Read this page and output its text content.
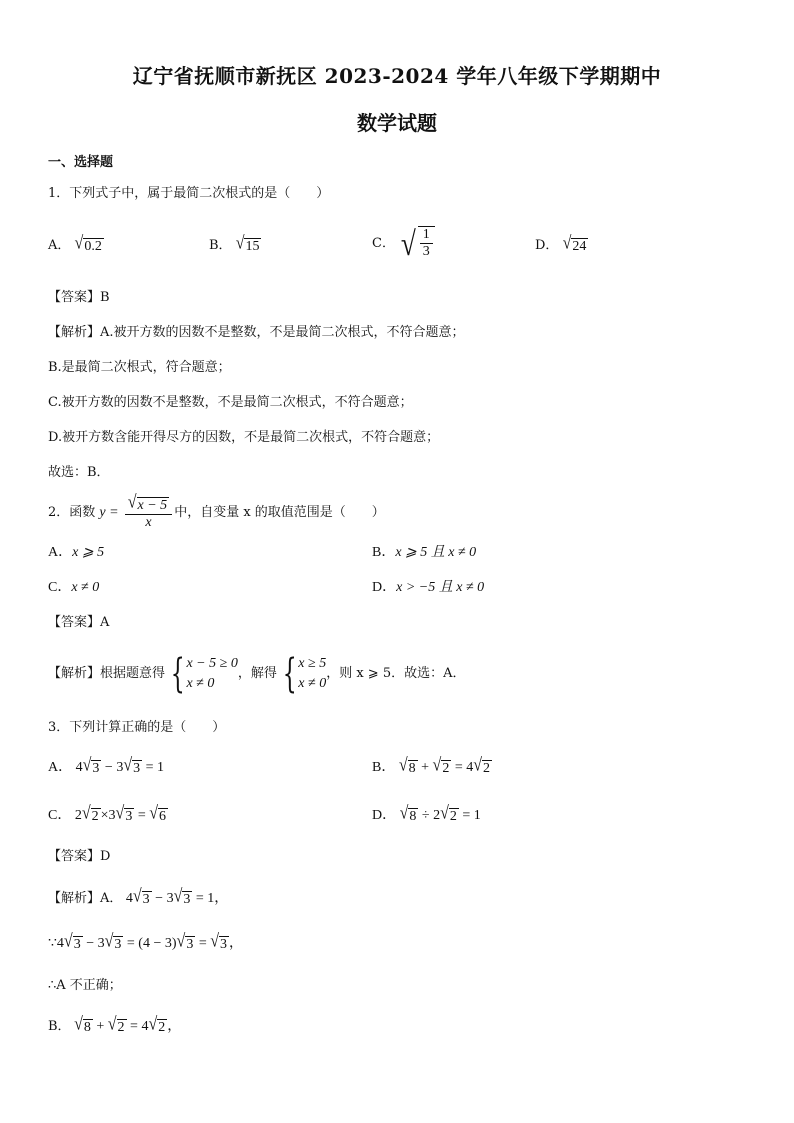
辽宁省抚顺市新抚区 2023-2024 学年八年级下学期期中
数学试题
一、选择题
1．下列式子中，属于最简二次根式的是（　　）
A． √ 0.2	B． √ 15	C． √ $\frac{1}{3}$	D． √ 24
【答案】B
【解析】A.被开方数的因数不是整数，不是最简二次根式，不符合题意；
B.是最简二次根式，符合题意；
C.被开方数的因数不是整数，不是最简二次根式，不符合题意；
D.被开方数含能开得尽方的因数，不是最简二次根式，不符合题意；
故选：B．
2．函数 $y = \frac{√ x - 5}{x}$ 中，自变量 x 的取值范围是（　　）
A．x ⩾ 5	B．x ⩾ 5 且 x ≠ 0
C．x ≠ 0	D．x > −5 且 x ≠ 0
【答案】A
【解析】根据题意得 { x − 5 ≥ 0
x ≠ 0
，解得 { x ≥ 5
x ≠ 0
，则 x ⩾ 5．故选：A．
3．下列计算正确的是（　　）
A． 4 √ 3 − 3 √ 3 = 1	B． √ 8 + √ 2 = 4 √ 2
C． 2 √ 2 ×3 √ 3 = √ 6	D． √ 8 ÷ 2 √ 2 = 1
【答案】D
【解析】A． 4 √ 3 − 3 √ 3 = 1，
∵4 √ 3 − 3 √ 3 = (4 − 3) √ 3 = √ 3 ，
∴A 不正确；
B． √ 8 + √ 2 = 4 √ 2 ，
